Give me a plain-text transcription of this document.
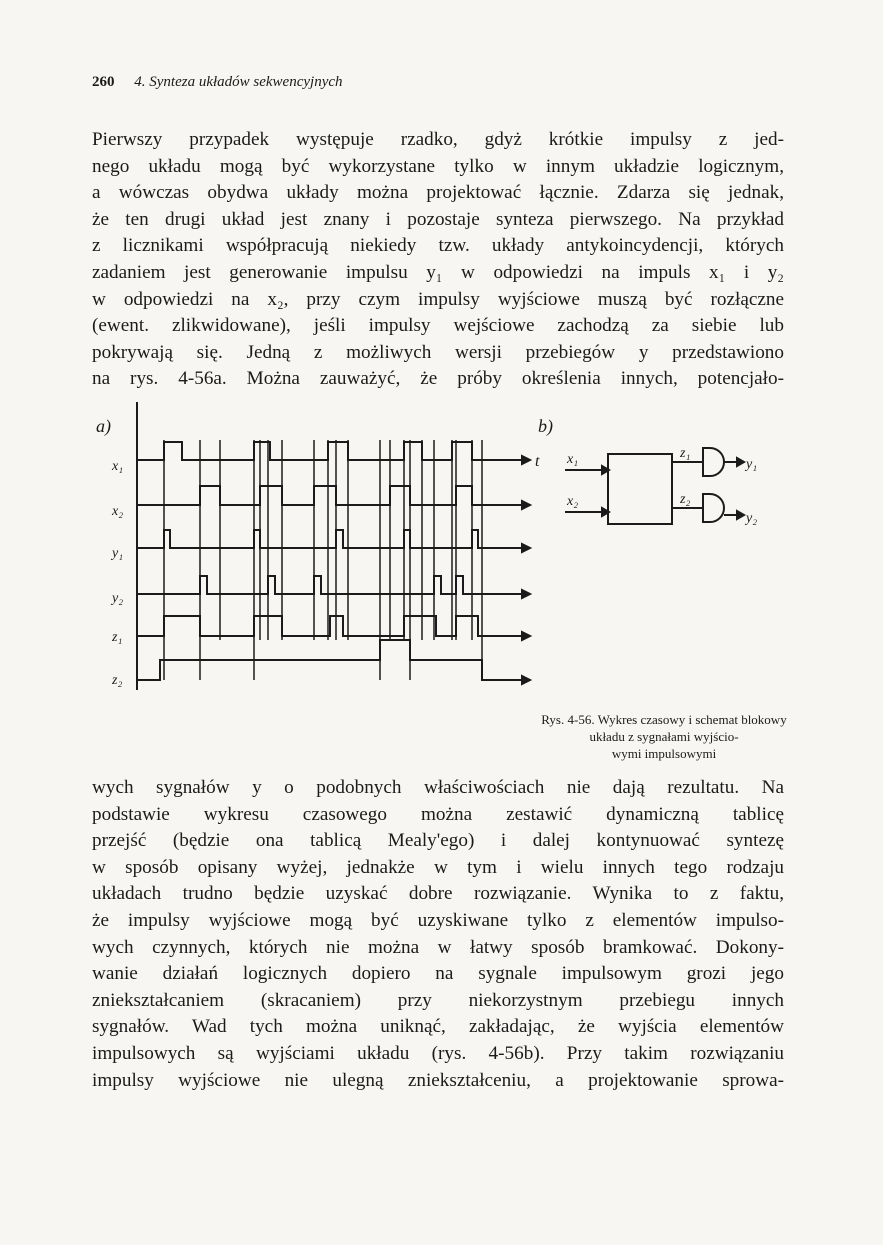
260 4. Synteza układów sekwencyjnych
Pierwszy przypadek występuje rzadko, gdyż krótkie impulsy z jed-
nego układu mogą być wykorzystane tylko w innym układzie logicznym,
a wówczas obydwa układy można projektować łącznie. Zdarza się jednak,
że ten drugi układ jest znany i pozostaje synteza pierwszego. Na przykład
z licznikami współpracują niekiedy tzw. układy antykoincydencji, których
zadaniem jest generowanie impulsu y₁ w odpowiedzi na impuls x₁ i y₂
w odpowiedzi na x₂, przy czym impulsy wyjściowe muszą być rozłączne
(ewent. zlikwidowane), jeśli impulsy wejściowe zachodzą za siebie lub
pokrywają się. Jedną z możliwych wersji przebiegów y przedstawiono
na rys. 4-56a. Można zauważyć, że próby określenia innych, potencjało-
a)	b)
x₁
x₂
y₁
y₂
z₁
z₂
t x₁
x₂
z₁
y₁
z₂
y₂
Rys. 4-56. Wykres czasowy i schemat blokowy układu z sygnałami wyjścio-
wymi impulsowymi
wych sygnałów y o podobnych właściwościach nie dają rezultatu. Na
podstawie wykresu czasowego można zestawić dynamiczną tablicę
przejść (będzie ona tablicą Mealy'ego) i dalej kontynuować syntezę
w sposób opisany wyżej, jednakże w tym i wielu innych tego rodzaju
układach trudno będzie uzyskać dobre rozwiązanie. Wynika to z faktu,
że impulsy wyjściowe mogą być uzyskiwane tylko z elementów impulso-
wych czynnych, których nie można w łatwy sposób bramkować. Dokony-
wanie działań logicznych dopiero na sygnale impulsowym grozi jego
zniekształcaniem (skracaniem) przy niekorzystnym przebiegu innych
sygnałów. Wad tych można uniknąć, zakładając, że wyjścia elementów
impulsowych są wyjściami układu (rys. 4-56b). Przy takim rozwiązaniu
impulsy wyjściowe nie ulegną zniekształceniu, a projektowanie sprowa-
